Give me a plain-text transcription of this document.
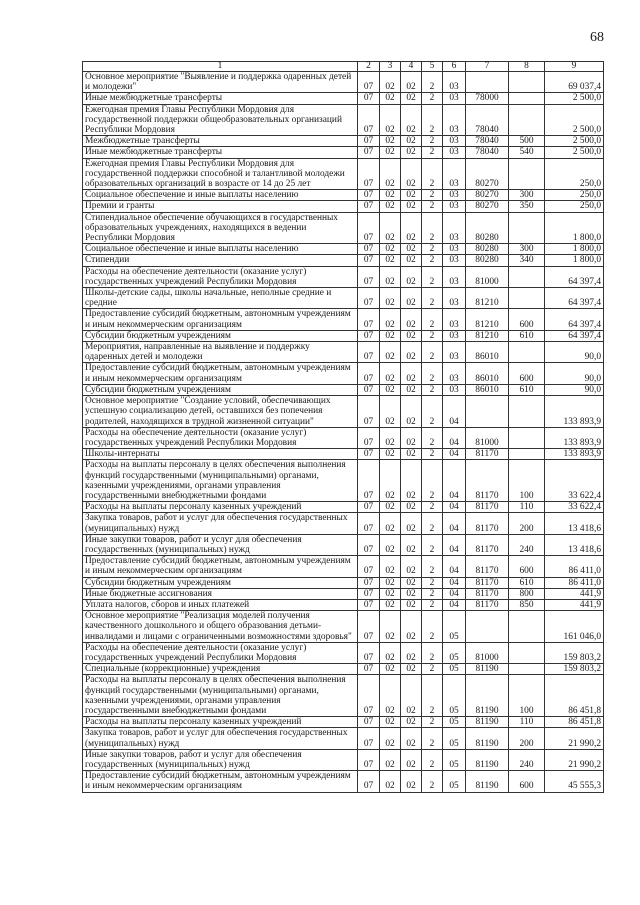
68
1	2	3	4	5	6	7	8	9
Основное мероприятие "Выявление и поддержка одаренных детей и молодежи"	07	02	02	2	03			69 037,4
Иные межбюджетные трансферты	07	02	02	2	03	78000		2 500,0
Ежегодная премия Главы Республики Мордовия для государственной поддержки общеобразовательных организаций Республики Мордовия	07	02	02	2	03	78040		2 500,0
Межбюджетные трансферты	07	02	02	2	03	78040	500	2 500,0
Иные межбюджетные трансферты	07	02	02	2	03	78040	540	2 500,0
Ежегодная премия Главы Республики Мордовия для государственной поддержки способной и талантливой молодежи образовательных организаций в возрасте от 14 до 25 лет	07	02	02	2	03	80270		250,0
Социальное обеспечение и иные выплаты населению	07	02	02	2	03	80270	300	250,0
Премии и гранты	07	02	02	2	03	80270	350	250,0
Стипендиальное обеспечение обучающихся в государственных образовательных учреждениях, находящихся в ведении Республики Мордовия	07	02	02	2	03	80280		1 800,0
Социальное обеспечение и иные выплаты населению	07	02	02	2	03	80280	300	1 800,0
Стипендии	07	02	02	2	03	80280	340	1 800,0
Расходы на обеспечение деятельности (оказание услуг) государственных учреждений Республики Мордовия	07	02	02	2	03	81000		64 397,4
Школы-детские сады, школы начальные, неполные средние и средние	07	02	02	2	03	81210		64 397,4
Предоставление субсидий бюджетным, автономным учреждениям и иным некоммерческим организациям	07	02	02	2	03	81210	600	64 397,4
Субсидии бюджетным учреждениям	07	02	02	2	03	81210	610	64 397,4
Мероприятия, направленные на выявление и поддержку одаренных детей и молодежи	07	02	02	2	03	86010		90,0
Предоставление субсидий бюджетным, автономным учреждениям и иным некоммерческим организациям	07	02	02	2	03	86010	600	90,0
Субсидии бюджетным учреждениям	07	02	02	2	03	86010	610	90,0
Основное мероприятие "Создание условий, обеспечивающих успешную социализацию детей, оставшихся без попечения родителей, находящихся в трудной жизненной ситуации"	07	02	02	2	04			133 893,9
Расходы на обеспечение деятельности (оказание услуг) государственных учреждений Республики Мордовия	07	02	02	2	04	81000		133 893,9
Школы-интернаты	07	02	02	2	04	81170		133 893,9
Расходы на выплаты персоналу в целях обеспечения выполнения функций государственными (муниципальными) органами, казенными учреждениями, органами управления государственными внебюджетными фондами	07	02	02	2	04	81170	100	33 622,4
Расходы на выплаты персоналу казенных учреждений	07	02	02	2	04	81170	110	33 622,4
Закупка товаров, работ и услуг для обеспечения государственных (муниципальных) нужд	07	02	02	2	04	81170	200	13 418,6
Иные закупки товаров, работ и услуг для обеспечения государственных (муниципальных) нужд	07	02	02	2	04	81170	240	13 418,6
Предоставление субсидий бюджетным, автономным учреждениям и иным некоммерческим организациям	07	02	02	2	04	81170	600	86 411,0
Субсидии бюджетным учреждениям	07	02	02	2	04	81170	610	86 411,0
Иные бюджетные ассигнования	07	02	02	2	04	81170	800	441,9
Уплата налогов, сборов и иных платежей	07	02	02	2	04	81170	850	441,9
Основное мероприятие "Реализация моделей получения качественного дошкольного и общего образования детьми-инвалидами и лицами с ограниченными возможностями здоровья"	07	02	02	2	05			161 046,0
Расходы на обеспечение деятельности (оказание услуг) государственных учреждений Республики Мордовия	07	02	02	2	05	81000		159 803,2
Специальные (коррекционные) учреждения	07	02	02	2	05	81190		159 803,2
Расходы на выплаты персоналу в целях обеспечения выполнения функций государственными (муниципальными) органами, казенными учреждениями, органами управления государственными внебюджетными фондами	07	02	02	2	05	81190	100	86 451,8
Расходы на выплаты персоналу казенных учреждений	07	02	02	2	05	81190	110	86 451,8
Закупка товаров, работ и услуг для обеспечения государственных (муниципальных) нужд	07	02	02	2	05	81190	200	21 990,2
Иные закупки товаров, работ и услуг для обеспечения государственных (муниципальных) нужд	07	02	02	2	05	81190	240	21 990,2
Предоставление субсидий бюджетным, автономным учреждениям и иным некоммерческим организациям	07	02	02	2	05	81190	600	45 555,3
